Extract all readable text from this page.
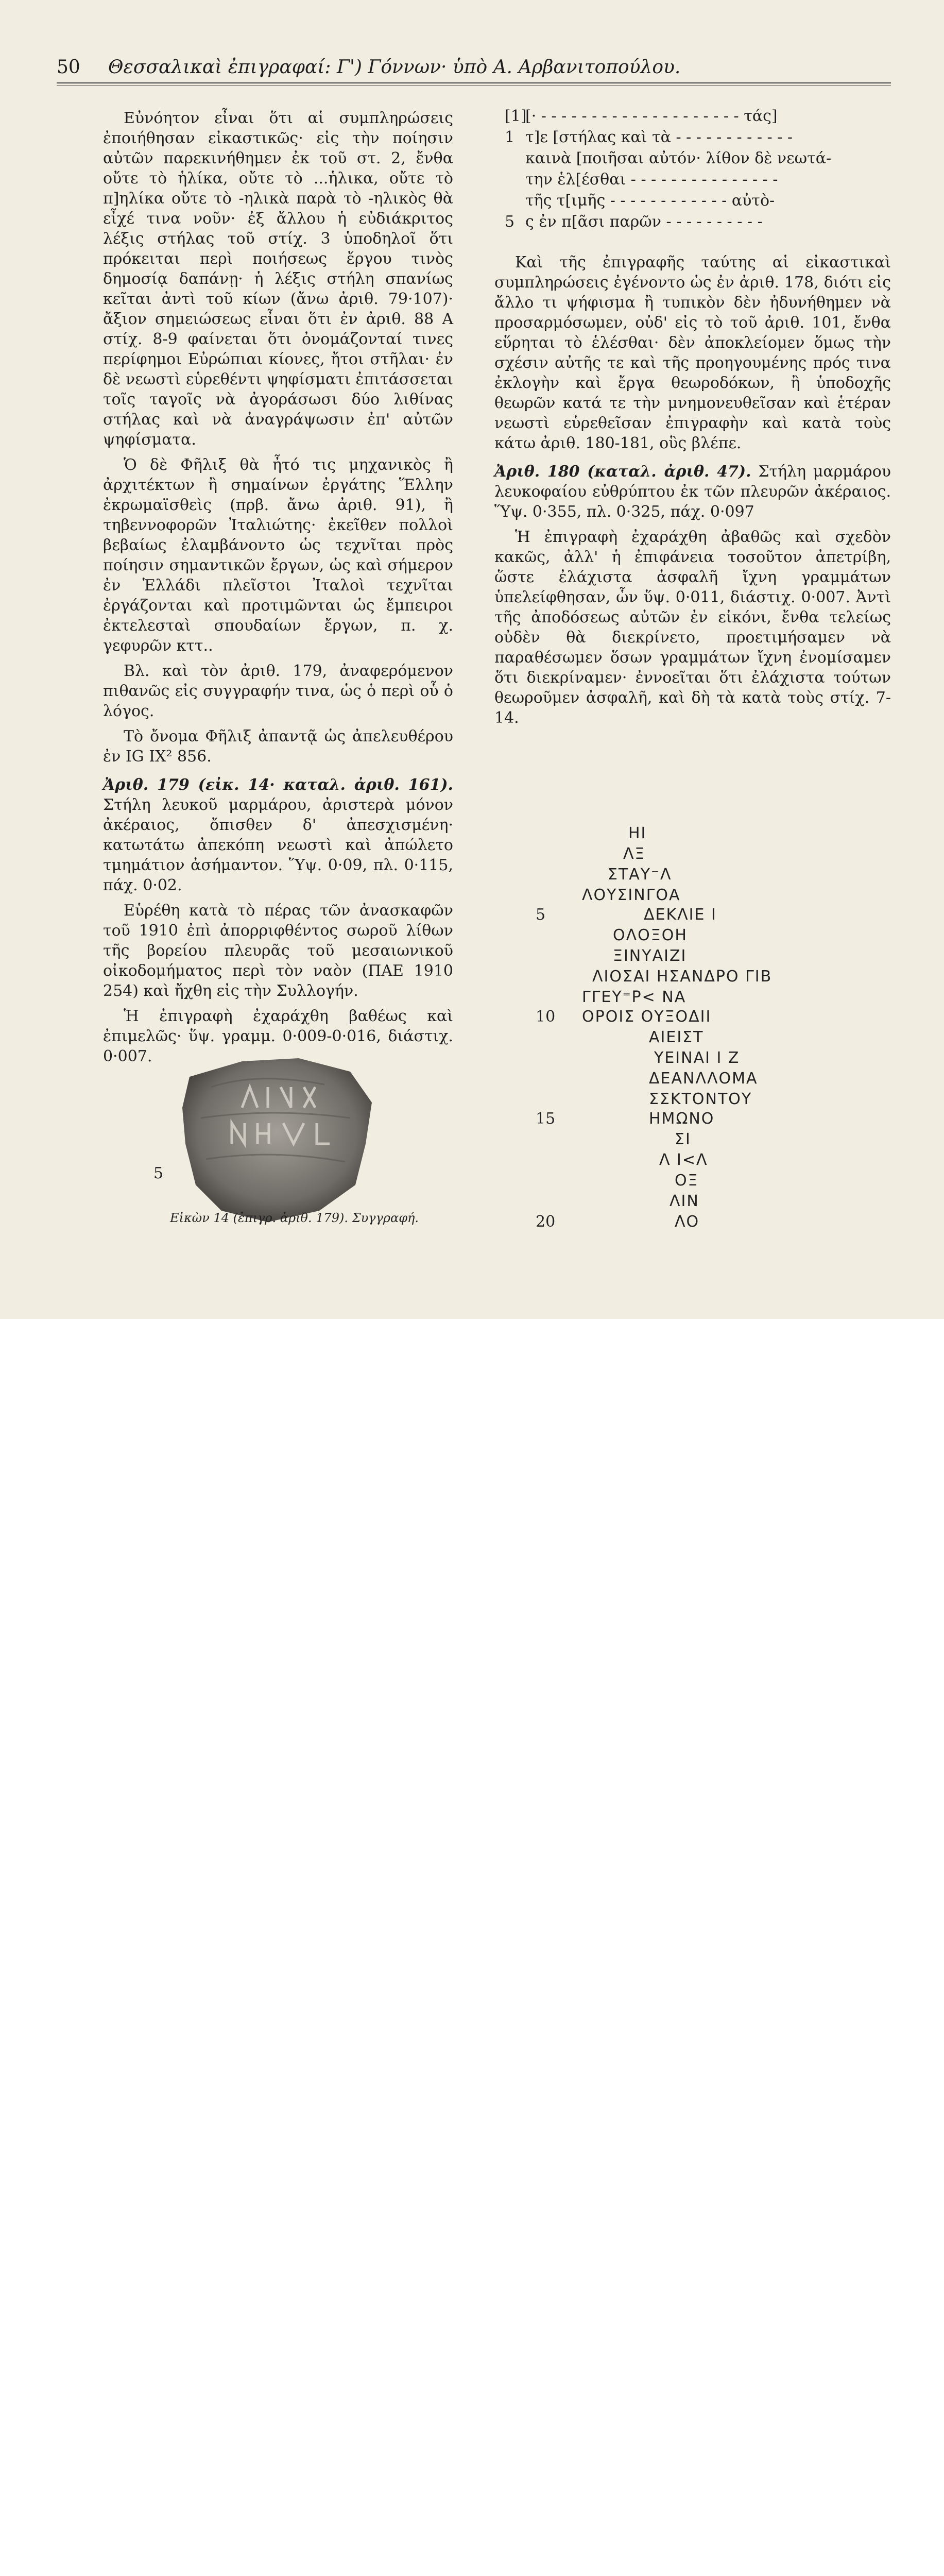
50 Θεσσαλικαὶ ἐπιγραφαί: Γ') Γόννων· ὑπὸ Α. Αρβανιτοπούλου.

Εὐνόητον εἶναι ὅτι αἱ συμπληρώσεις ἐποιήθησαν εἰκαστικῶς· εἰς τὴν ποίησιν αὐτῶν παρεκινήθημεν ἐκ τοῦ στ. 2, ἔνθα οὔτε τὸ ἡλίκα, οὔτε τὸ ...ἡλικα, οὔτε τὸ π]ηλίκα οὔτε τὸ -ηλικὰ παρὰ τὸ -ηλικὸς θὰ εἶχέ τινα νοῦν· ἐξ ἄλλου ἡ εὐδιάκριτος λέξις στήλας τοῦ στίχ. 3 ὑποδηλοῖ ὅτι πρόκειται περὶ ποιήσεως ἔργου τινὸς δημοσίᾳ δαπάνῃ· ἡ λέξις στήλη σπανίως κεῖται ἀντὶ τοῦ κίων (ἄνω ἀριθ. 79·107)· ἄξιον σημειώσεως εἶναι ὅτι ἐν ἀριθ. 88 Α στίχ. 8-9 φαίνεται ὅτι ὀνομάζονταί τινες περίφημοι Εὐρώπιαι κίονες, ἤτοι στῆλαι· ἐν δὲ νεωστὶ εὑρεθέντι ψηφίσματι ἐπιτάσσεται τοῖς ταγοῖς νὰ ἀγοράσωσι δύο λιθίνας στήλας καὶ νὰ ἀναγράψωσιν ἐπ' αὐτῶν ψηφίσματα.

Ὁ δὲ Φῆλιξ θὰ ἦτό τις μηχανικὸς ἢ ἀρχιτέκτων ἢ σημαίνων ἐργάτης Ἕλλην ἐκρωμαϊσθεὶς (πρβ. ἄνω ἀριθ. 91), ἢ τηβεννοφορῶν Ἰταλιώτης· ἐκεῖθεν πολλοὶ βεβαίως ἐλαμβάνοντο ὡς τεχνῖται πρὸς ποίησιν σημαντικῶν ἔργων, ὡς καὶ σήμερον ἐν Ἑλλάδι πλεῖστοι Ἰταλοὶ τεχνῖται ἐργάζονται καὶ προτιμῶνται ὡς ἔμπειροι ἐκτελεσταὶ σπουδαίων ἔργων, π. χ. γεφυρῶν κττ..

Βλ. καὶ τὸν ἀριθ. 179, ἀναφερόμενον πιθανῶς εἰς συγγραφήν τινα, ὡς ὁ περὶ οὗ ὁ λόγος.

Τὸ ὄνομα Φῆλιξ ἀπαντᾷ ὡς ἀπελευθέρου ἐν IG IX² 856.

Ἀριθ. 179 (εἰκ. 14· καταλ. ἀριθ. 161). Στήλη λευκοῦ μαρμάρου, ἀριστερὰ μόνον ἀκέραιος, ὄπισθεν δ' ἀπεσχισμένη· κατωτάτω ἀπεκόπη νεωστὶ καὶ ἀπώλετο τμημάτιον ἀσήμαντον. Ὕψ. 0·09, πλ. 0·115, πάχ. 0·02.

Εὑρέθη κατὰ τὸ πέρας τῶν ἀνασκαφῶν τοῦ 1910 ἐπὶ ἀπορριφθέντος σωροῦ λίθων τῆς βορείου πλευρᾶς τοῦ μεσαιωνικοῦ οἰκοδομήματος περὶ τὸν ναὸν (ΠΑΕ 1910 254) καὶ ἤχθη εἰς τὴν Συλλογήν.

Ἡ ἐπιγραφὴ ἐχαράχθη βαθέως καὶ ἐπιμελῶς· ὕψ. γραμμ. 0·009-0·016, διάστιχ. 0·007.

[1]
[· - - - - - - - - - - - - - - - - - - - - τάς]
1 τ]ε [στήλας καὶ τὰ - - - - - - - - - - - -
καινὰ [ποιῆσαι αὐτόν· λίθον δὲ νεωτά-
την ἑλ[έσθαι - - - - - - - - - - - - - - -
τῆς τ[ιμῆς - - - - - - - - - - - - αὐτὸ-
5 ς ἐν π[ᾶσι παρῶν - - - - - - - - - -

Καὶ τῆς ἐπιγραφῆς ταύτης αἱ εἰκαστικαὶ συμπληρώσεις ἐγένοντο ὡς ἐν ἀριθ. 178, διότι εἰς ἄλλο τι ψήφισμα ἢ τυπικὸν δὲν ἠδυνήθημεν νὰ προσαρμόσωμεν, οὐδ' εἰς τὸ τοῦ ἀριθ. 101, ἔνθα εὕρηται τὸ ἑλέσθαι· δὲν ἀποκλείομεν ὅμως τὴν σχέσιν αὐτῆς τε καὶ τῆς προηγουμένης πρός τινα ἐκλογὴν καὶ ἔργα θεωροδόκων, ἢ ὑποδοχῆς θεωρῶν κατά τε τὴν μνημονευθεῖσαν καὶ ἑτέραν νεωστὶ εὑρεθεῖσαν ἐπιγραφὴν καὶ κατὰ τοὺς κάτω ἀριθ. 180-181, οὓς βλέπε.

Ἀριθ. 180 (καταλ. ἀριθ. 47). Στήλη μαρμάρου λευκοφαίου εὐθρύπτου ἐκ τῶν πλευρῶν ἀκέραιος. Ὕψ. 0·355, πλ. 0·325, πάχ. 0·097

Ἡ ἐπιγραφὴ ἐχαράχθη ἀβαθῶς καὶ σχεδὸν κακῶς, ἀλλ' ἡ ἐπιφάνεια τοσοῦτον ἀπετρίβη, ὥστε ἐλάχιστα ἀσφαλῆ ἴχνη γραμμάτων ὑπελείφθησαν, ὧν ὕψ. 0·011, διάστιχ. 0·007. Ἀντὶ τῆς ἀποδόσεως αὐτῶν ἐν εἰκόνι, ἔνθα τελείως οὐδὲν θὰ διεκρίνετο, προετιμήσαμεν νὰ παραθέσωμεν ὅσων γραμμάτων ἴχνη ἐνομίσαμεν ὅτι διεκρίναμεν· ἐννοεῖται ὅτι ἐλάχιστα τούτων θεωροῦμεν ἀσφαλῆ, καὶ δὴ τὰ κατὰ τοὺς στίχ. 7-14.

ΗΙ
ΛΞ
ΣΤΑΥ⁻Λ
ΛΟΥΣΙΝΓΟΑ
5	ΔΕΚΛΙΕ Ι
ΟΛΟΞΟΗ
ΞΙΝΥΑΙΖΙ
ΛΙΟΣΑΙ ΗΣΑΝΔΡΟ ΓΙΒ
ΓΓΕΥ⁼Ρ< ΝΑ
10 ΟΡΟΙΣ ΟΥΞΟΔΙΙ
ΑΙΕΙΣΤ
ΥΕΙΝΑΙ Ι Ζ
ΔΕΑΝΛΛΟΜΑ
ΣΣΚΤΟΝΤΟΥ
15	ΗΜΩΝΟ
ΣΙ
Λ Ι<Λ
ΟΞ
ΛΙΝ
20	ΛΟ
5
Εἰκὼν 14 (ἐπιγρ. ἀριθ. 179). Συγγραφή.
